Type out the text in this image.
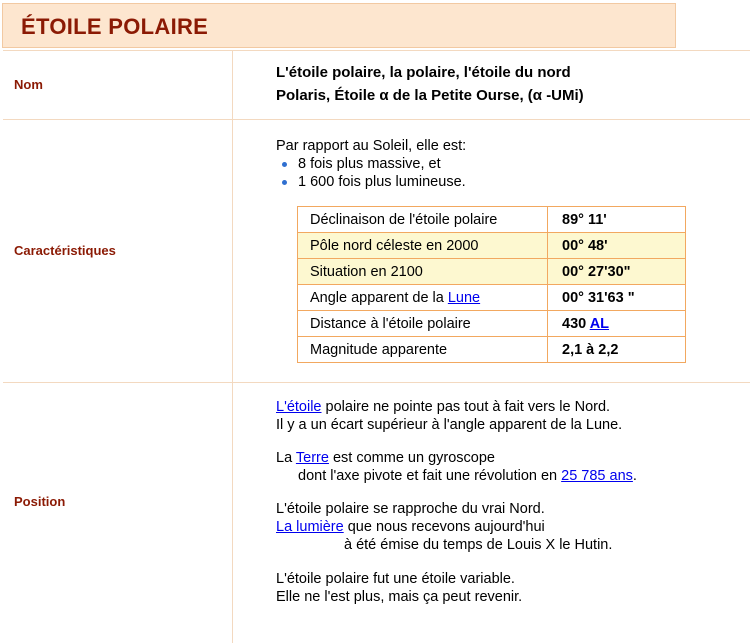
ÉTOILE POLAIRE
Nom
L'étoile polaire, la polaire, l'étoile du nord
Polaris, Étoile α de la Petite Ourse, (α -UMi)
Caractéristiques
Par rapport au Soleil, elle est:
8 fois plus massive, et
1 600 fois plus lumineuse.
Déclinaison de l'étoile polaire	89° 11'
Pôle nord céleste en 2000	00° 48'
Situation en 2100	00° 27'30"
Angle apparent de la Lune	00° 31'63 "
Distance à l'étoile polaire	430 AL
Magnitude apparente	2,1 à 2,2
Position
L'étoile polaire ne pointe pas tout à fait vers le Nord.
Il y a un écart supérieur à l'angle apparent de la Lune.
La Terre est comme un gyroscope
dont l'axe pivote et fait une révolution en 25 785 ans.
L'étoile polaire se rapproche du vrai Nord.
La lumière que nous recevons aujourd'hui
à été émise du temps de Louis X le Hutin.
L'étoile polaire fut une étoile variable.
Elle ne l'est plus, mais ça peut revenir.
